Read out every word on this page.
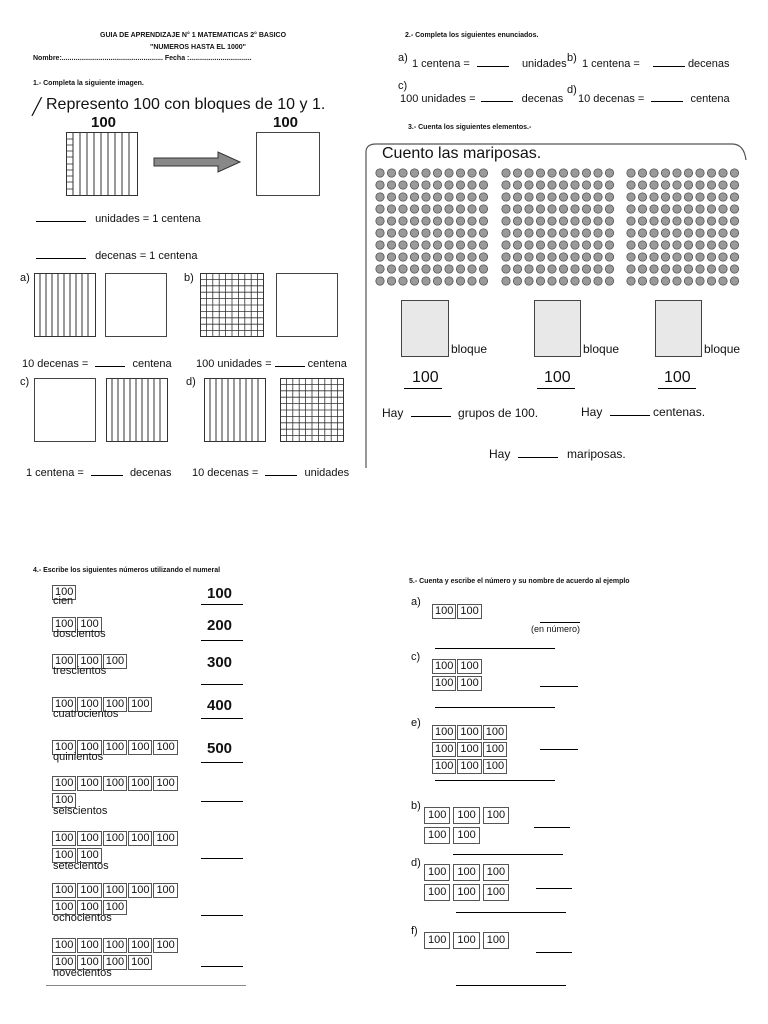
GUIA DE APRENDIZAJE N° 1 MATEMATICAS 2° BASICO
"NUMEROS HASTA EL 1000"
Nombre:.................................................... Fecha :................................
1.- Completa la siguiente imagen.
╱ Represento 100 con bloques de 10 y 1.
100	100
unidades = 1 centena
decenas = 1 centena
a)	b)
10 decenas =	centena 100 unidades =	centena
c)	d)
1 centena =	decenas 10 decenas =	unidades
2.- Completa los siguientes enunciados.
a) 1 centena =	unidades b) 1 centena =	decenas
c)
100 unidades =	decenas
d)
10 decenas =	centena
3.- Cuenta los siguientes elementos.-
Cuento las mariposas.
bloque	bloque	bloque
100	100	100
Hay	grupos de 100.	Hay	centenas.
Hay	mariposas.
4.- Escribe los siguientes números utilizando el numeral
100
cien	100
100 100
doscientos	200
100 100 100
trescientos	300
100 100 100 100
cuatrocientos	400
100 100 100 100 100
quinientos	500
100 100 100 100 100
100
seiscientos
100 100 100 100 100
100 100
setecientos
100 100 100 100 100
100 100 100
ochocientos
100 100 100 100 100
100 100 100 100
novecientos
5.- Cuenta y escribe el número y su nombre de acuerdo al ejemplo
a)
100 100
c)
100 100
100 100
e)
100 100 100
100 100 100
100 100 100
b)
100 100 100
100 100
d)
100 100 100
100 100 100
f)
100 100 100
(en número)
